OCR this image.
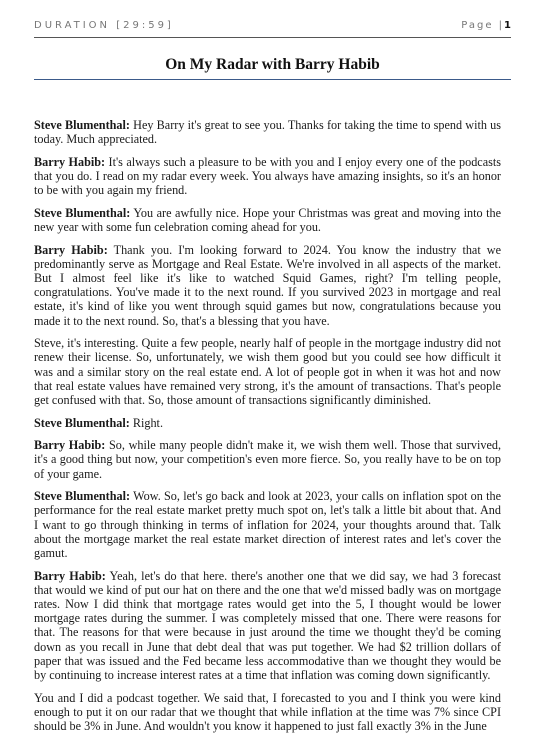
DURATION [29:59]	Page |1
On My Radar with Barry Habib

Steve Blumenthal: Hey Barry it's great to see you. Thanks for taking the time to spend with us today. Much appreciated.

Barry Habib: It's always such a pleasure to be with you and I enjoy every one of the podcasts that you do. I read on my radar every week. You always have amazing insights, so it's an honor to be with you again my friend.

Steve Blumenthal: You are awfully nice. Hope your Christmas was great and moving into the new year with some fun celebration coming ahead for you.

Barry Habib: Thank you. I'm looking forward to 2024. You know the industry that we predominantly serve as Mortgage and Real Estate. We're involved in all aspects of the market. But I almost feel like it's like to watched Squid Games, right? I'm telling people, congratulations. You've made it to the next round. If you survived 2023 in mortgage and real estate, it's kind of like you went through squid games but now, congratulations because you made it to the next round. So, that's a blessing that you have.

Steve, it's interesting. Quite a few people, nearly half of people in the mortgage industry did not renew their license. So, unfortunately, we wish them good but you could see how difficult it was and a similar story on the real estate end. A lot of people got in when it was hot and now that real estate values have remained very strong, it's the amount of transactions. That's people get confused with that. So, those amount of transactions significantly diminished.

Steve Blumenthal: Right.

Barry Habib: So, while many people didn't make it, we wish them well. Those that survived, it's a good thing but now, your competition's even more fierce. So, you really have to be on top of your game.

Steve Blumenthal: Wow. So, let's go back and look at 2023, your calls on inflation spot on the performance for the real estate market pretty much spot on, let's talk a little bit about that. And I want to go through thinking in terms of inflation for 2024, your thoughts around that. Talk about the mortgage market the real estate market direction of interest rates and let's cover the gamut.

Barry Habib: Yeah, let's do that here. there's another one that we did say, we had 3 forecast that would we kind of put our hat on there and the one that we'd missed badly was on mortgage rates. Now I did think that mortgage rates would get into the 5, I thought would be lower mortgage rates during the summer. I was completely missed that one. There were reasons for that. The reasons for that were because in just around the time we thought they'd be coming down as you recall in June that debt deal that was put together. We had $2 trillion dollars of paper that was issued and the Fed became less accommodative than we thought they would be by continuing to increase interest rates at a time that inflation was coming down significantly.

You and I did a podcast together. We said that, I forecasted to you and I think you were kind enough to put it on our radar that we thought that while inflation at the time was 7% since CPI should be 3% in June. And wouldn't you know it happened to just fall exactly 3% in the June
